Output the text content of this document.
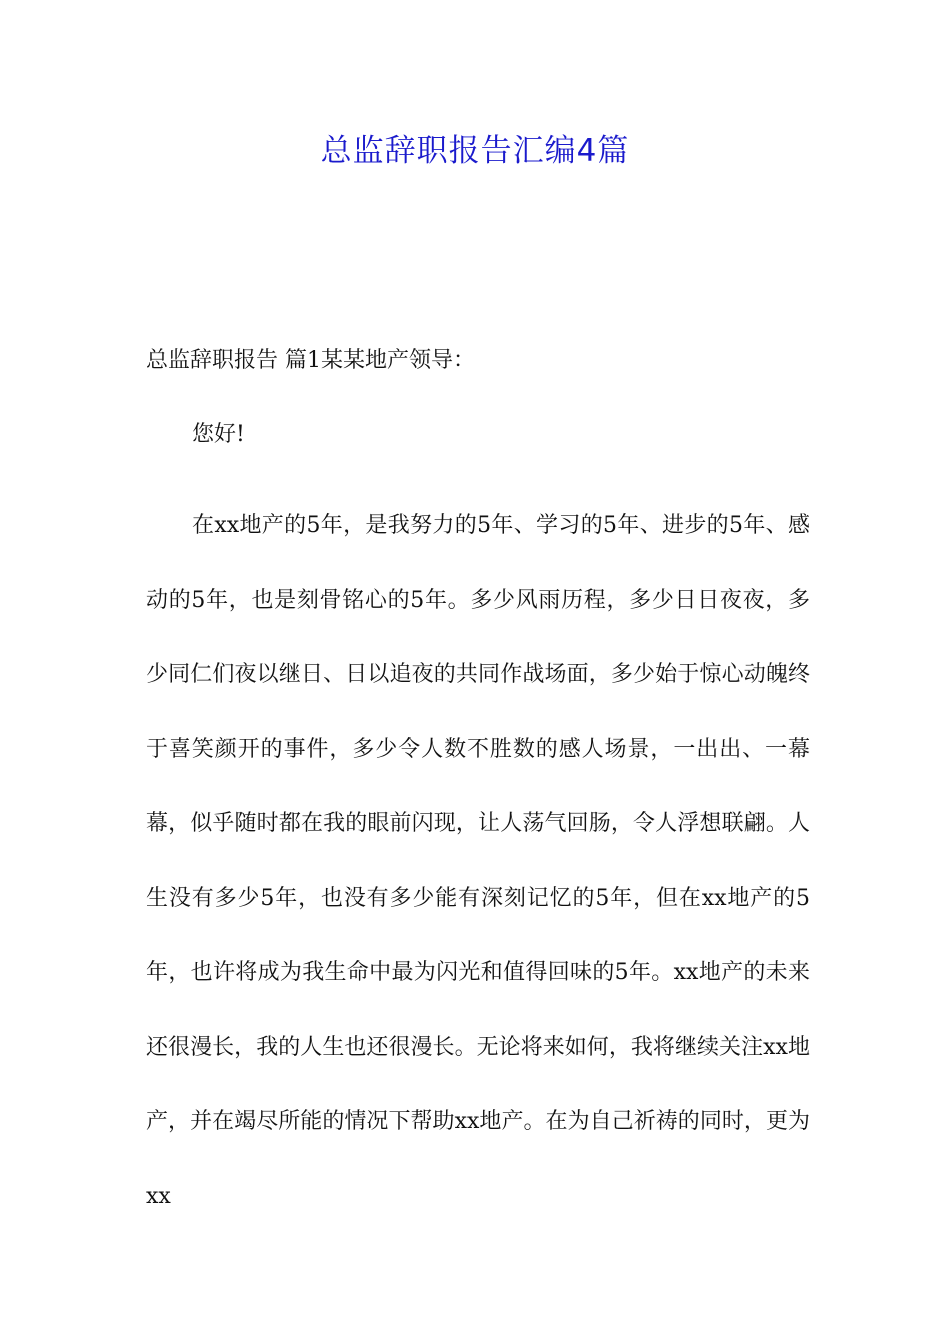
总监辞职报告汇编4篇
总监辞职报告 篇1某某地产领导：
您好!
在xx地产的5年，是我努力的5年、学习的5年、进步的5年、感动的5年，也是刻骨铭心的5年。多少风雨历程，多少日日夜夜，多少同仁们夜以继日、日以追夜的共同作战场面，多少始于惊心动魄终于喜笑颜开的事件，多少令人数不胜数的感人场景，一出出、一幕幕，似乎随时都在我的眼前闪现，让人荡气回肠，令人浮想联翩。人生没有多少5年，也没有多少能有深刻记忆的5年，但在xx地产的5年，也许将成为我生命中最为闪光和值得回味的5年。xx地产的未来还很漫长，我的人生也还很漫长。无论将来如何，我将继续关注xx地产，并在竭尽所能的情况下帮助xx地产。在为自己祈祷的同时，更为xx
